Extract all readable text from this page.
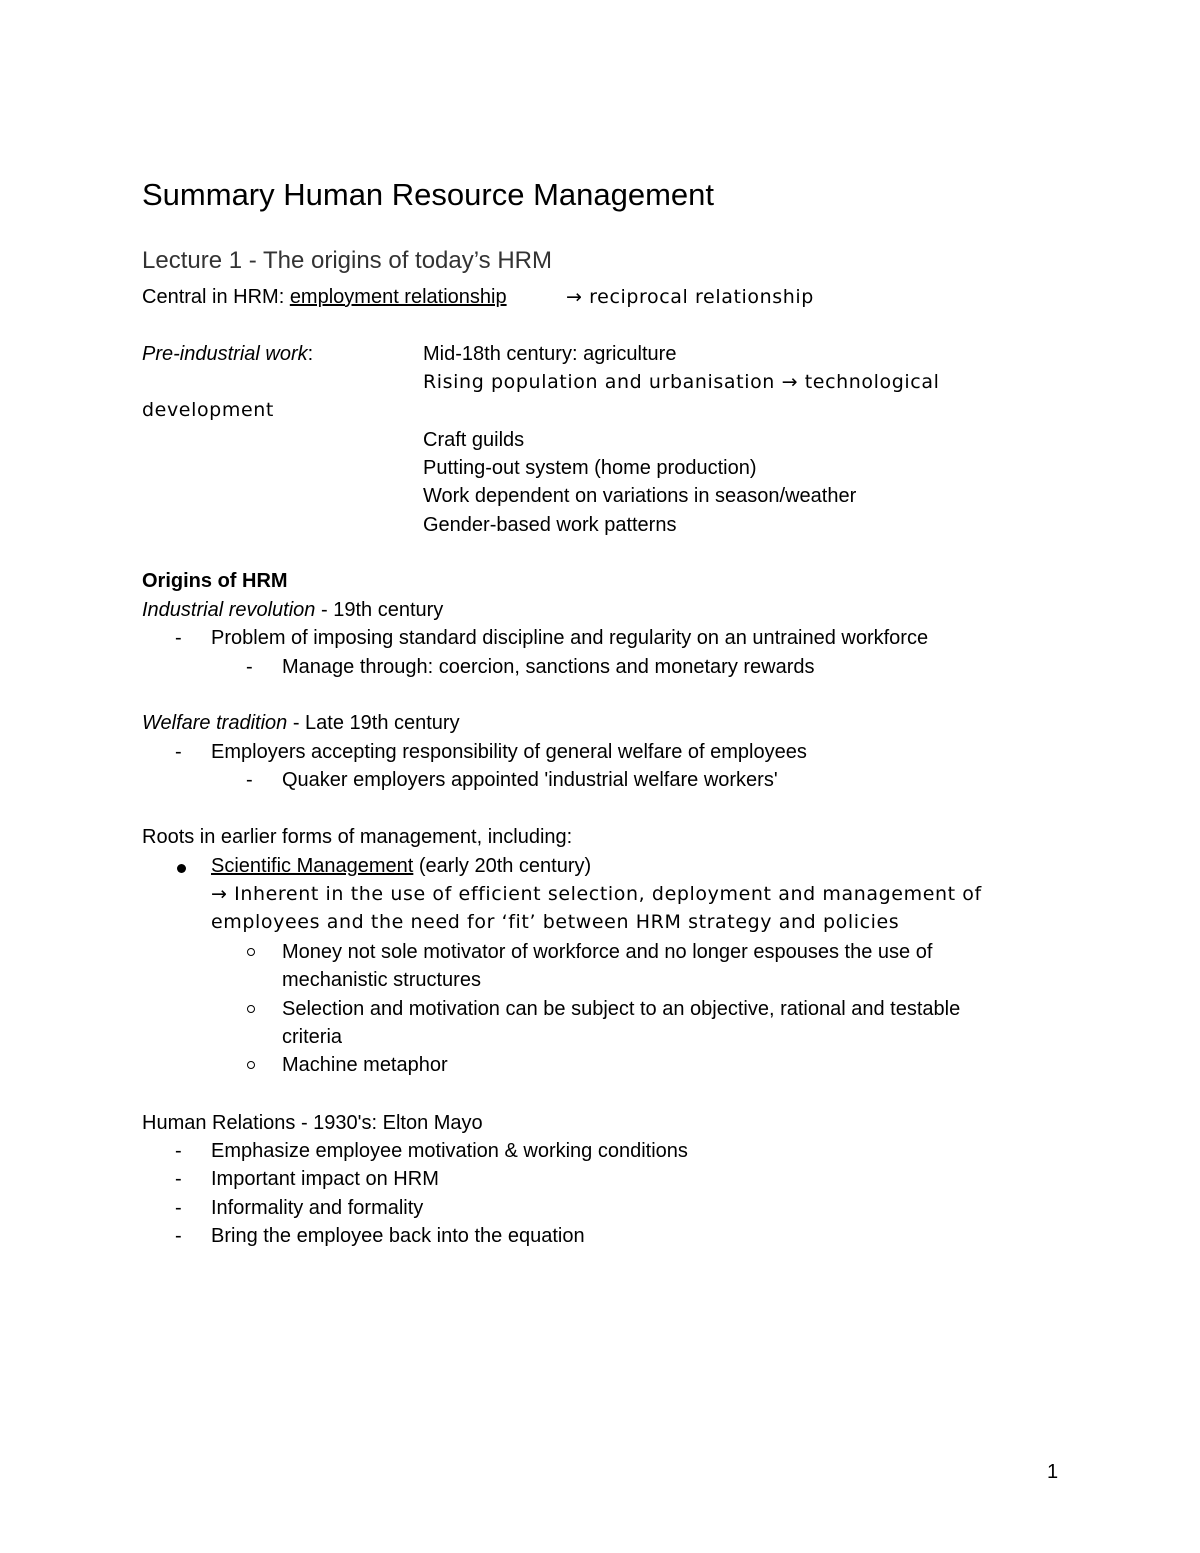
Summary Human Resource Management
Lecture 1 - The origins of today’s HRM
Central in HRM: employment relationship	→ reciprocal relationship
Pre-industrial work:	Mid-18th century: agriculture
Rising population and urbanisation → technological
development
Craft guilds
Putting-out system (home production)
Work dependent on variations in season/weather
Gender-based work patterns
Origins of HRM
Industrial revolution - 19th century
- Problem of imposing standard discipline and regularity on an untrained workforce
- Manage through: coercion, sanctions and monetary rewards
Welfare tradition - Late 19th century
- Employers accepting responsibility of general welfare of employees
- Quaker employers appointed 'industrial welfare workers'
Roots in earlier forms of management, including:
Scientific Management (early 20th century)
→ Inherent in the use of efficient selection, deployment and management of
employees and the need for ‘fit’ between HRM strategy and policies
Money not sole motivator of workforce and no longer espouses the use of
mechanistic structures
Selection and motivation can be subject to an objective, rational and testable
criteria
Machine metaphor
Human Relations - 1930's: Elton Mayo
- Emphasize employee motivation & working conditions
- Important impact on HRM
- Informality and formality
- Bring the employee back into the equation
1
